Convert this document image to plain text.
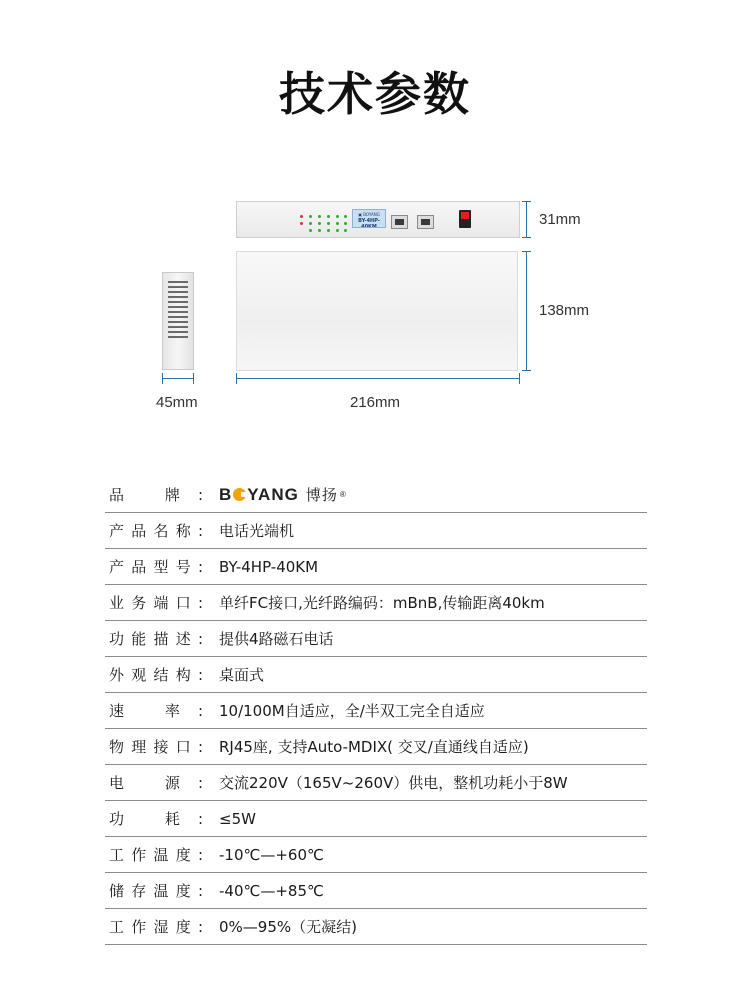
技术参数
▣ BOYANG
BY-4HP-40KM	31mm
138mm
216mm
45mm
品 牌: B YANG 博扬 ®
产品名称:	电话光端机
产品型号:	BY-4HP-40KM
业务端口:	单纤FC接口,光纤路编码：mBnB,传输距离40km
功能描述:	提供4路磁石电话
外观结构:	桌面式
速 率:	10/100M自适应，全/半双工完全自适应
物理接口:	RJ45座, 支持Auto-MDIX( 交叉/直通线自适应)
电 源:	交流220V（165V~260V）供电，整机功耗小于8W
功 耗:	≤5W
工作温度:	-10℃—+60℃
储存温度:	-40℃—+85℃
工作湿度:	0%—95%（无凝结)
